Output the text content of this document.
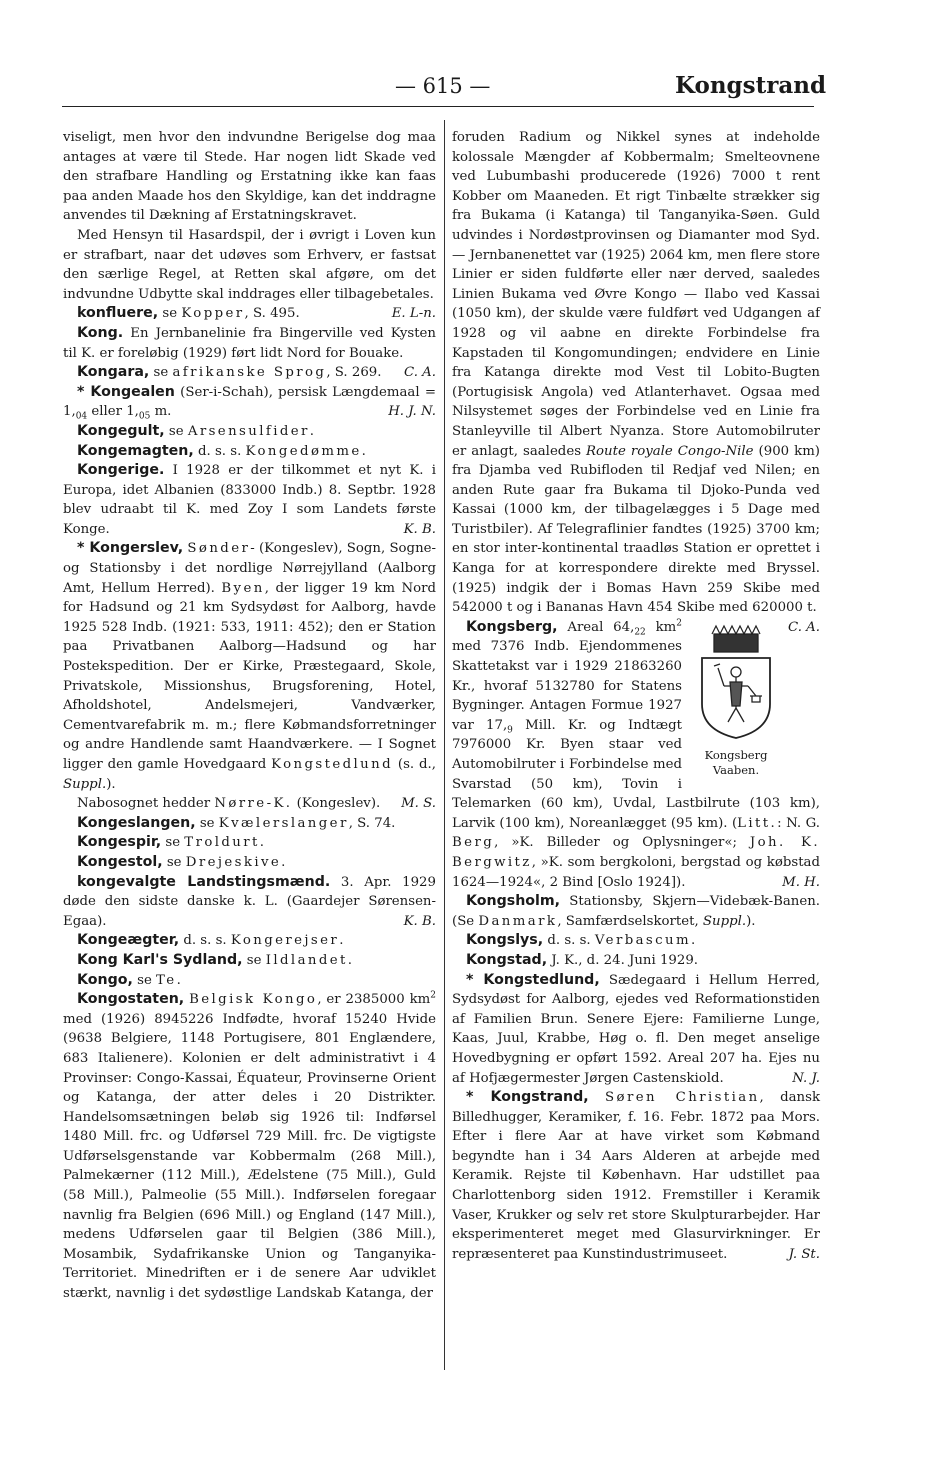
— 615 —	Kongstrand

viseligt, men hvor den indvundne Berigelse dog maa antages at være til Stede. Har nogen lidt Skade ved den strafbare Handling og Erstatning ikke kan faas paa anden Maade hos den Skyldige, kan det inddragne anvendes til Dækning af Erstatningskravet.

Med Hensyn til Hasardspil, der i øvrigt i Loven kun er strafbart, naar det udøves som Erhverv, er fastsat den særlige Regel, at Retten skal afgøre, om det indvundne Udbytte skal inddrages eller tilbagebetales.
E. L-n.

konfluere, se Kopper, S. 495.

Kong. En Jernbanelinie fra Bingerville ved Kysten til K. er foreløbig (1929) ført lidt Nord for Bouake.
C. A.

Kongara, se afrikanske Sprog, S. 269.

* Kongealen (Ser-i-Schah), persisk Længdemaal = $1,_{04}$ eller $1,_{05}$ m.	H. J. N.

Kongegult, se Arsensulfider.

Kongemagten, d. s. s. Kongedømme.

Kongerige. I 1928 er der tilkommet et nyt K. i Europa, idet Albanien (833000 Indb.) 8. Septbr. 1928 blev udraabt til K. med Zoy I som Landets første Konge.	K. B.

* Kongerslev, Sønder- (Kongeslev), Sogn, Sogne- og Stationsby i det nordlige Nørrejylland (Aalborg Amt, Hellum Herred). Byen, der ligger 19 km Nord for Hadsund og 21 km Sydsydøst for Aalborg, havde 1925 528 Indb. (1921: 533, 1911: 452); den er Station paa Privatbanen Aalborg—Hadsund og har Postekspedition. Der er Kirke, Præstegaard, Skole, Privatskole, Missionshus, Brugsforening, Hotel, Afholdshotel, Andelsmejeri, Vandværker, Cementvarefabrik m. m.; flere Købmandsforretninger og andre Handlende samt Haandværkere. — I Sognet ligger den gamle Hovedgaard Kongstedlund (s. d., Suppl.).

Nabosognet hedder Nørre-K. (Kongeslev).	M. S.

Kongeslangen, se Kvælerslanger, S. 74.

Kongespir, se Troldurt.

Kongestol, se Drejeskive.

kongevalgte Landstingsmænd. 3. Apr. 1929 døde den sidste danske k. L. (Gaardejer Sørensen-Egaa).	K. B.

Kongeægter, d. s. s. Kongerejser.

Kong Karl's Sydland, se Ildlandet.

Kongo, se Te.

Kongostaten, Belgisk Kongo, er 2385000 $km^2$ med (1926) 8945226 Indfødte, hvoraf 15240 Hvide (9638 Belgiere, 1148 Portugisere, 801 Englændere, 683 Italienere). Kolonien er delt administrativt i 4 Provinser: Congo-Kassai, Équateur, Provinserne Orient og Katanga, der atter deles i 20 Distrikter. Handelsomsætningen beløb sig 1926 til: Indførsel 1480 Mill. frc. og Udførsel 729 Mill. frc. De vigtigste Udførselsgenstande var Kobbermalm (268 Mill.), Palmekærner (112 Mill.), Ædelstene (75 Mill.), Guld (58 Mill.), Palmeolie (55 Mill.). Indførselen foregaar navnlig fra Belgien (696 Mill.) og England (147 Mill.), medens Udførselen gaar til Belgien (386 Mill.), Mosambik, Sydafrikanske Union og Tanganyika-Territoriet. Minedriften er i de senere Aar udviklet stærkt, navnlig i det sydøstlige Landskab Katanga, der

foruden Radium og Nikkel synes at indeholde kolossale Mængder af Kobbermalm; Smelteovnene ved Lubumbashi producerede (1926) 7000 t rent Kobber om Maaneden. Et rigt Tinbælte strækker sig fra Bukama (i Katanga) til Tanganyika-Søen. Guld udvindes i Nordøstprovinsen og Diamanter mod Syd. — Jernbanenettet var (1925) 2064 km, men flere store Linier er siden fuldførte eller nær derved, saaledes Linien Bukama ved Øvre Kongo — Ilabo ved Kassai (1050 km), der skulde være fuldført ved Udgangen af 1928 og vil aabne en direkte Forbindelse fra Kapstaden til Kongomundingen; endvidere en Linie fra Katanga direkte mod Vest til Lobito-Bugten (Portugisisk Angola) ved Atlanterhavet. Ogsaa med Nilsystemet søges der Forbindelse ved en Linie fra Stanleyville til Albert Nyanza. Store Automobilruter er anlagt, saaledes Route royale Congo-Nile (900 km) fra Djamba ved Rubifloden til Redjaf ved Nilen; en anden Rute gaar fra Bukama til Djoko-Punda ved Kassai (1000 km, der tilbagelægges i 5 Dage med Turistbiler). Af Telegraflinier fandtes (1925) 3700 km; en stor inter-kontinental traadløs Station er oprettet i Kanga for at korrespondere direkte med Bryssel. (1925) indgik der i Bomas Havn 259 Skibe med 542000 t og i Bananas Havn 454 Skibe med 620000 t.
C. A.

Kongsberg, Areal $64,_{22}$ $km^2$
Kongsberg
Vaaben.
med 7376 Indb. Ejendommenes Skattetakst var i 1929 21863260 Kr., hvoraf 5132780 for Statens Bygninger. Antagen Formue 1927 var $17,_9$ Mill. Kr. og Indtægt 7976000 Kr. Byen staar ved Automobilruter i Forbindelse med Svarstad (50 km), Tovin i Telemarken (60 km), Uvdal, Lastbilrute (103 km), Larvik (100 km), Noreanlægget (95 km). (Litt.: N. G. Berg, »K. Billeder og Oplysninger«; Joh. K. Bergwitz, »K. som bergkoloni, bergstad og købstad 1624—1924«, 2 Bind [Oslo 1924]).	M. H.

Kongsholm, Stationsby, Skjern—Videbæk-Banen. (Se Danmark, Samfærdselskortet, Suppl.).

Kongslys, d. s. s. Verbascum.

Kongstad, J. K., d. 24. Juni 1929.

* Kongstedlund, Sædegaard i Hellum Herred, Sydsydøst for Aalborg, ejedes ved Reformationstiden af Familien Brun. Senere Ejere: Familierne Lunge, Kaas, Juul, Krabbe, Høg o. fl. Den meget anselige Hovedbygning er opført 1592. Areal 207 ha. Ejes nu af Hofjægermester Jørgen Castenskiold.	N. J.

* Kongstrand, Søren Christian, dansk Billedhugger, Keramiker, f. 16. Febr. 1872 paa Mors. Efter i flere Aar at have virket som Købmand begyndte han i 34 Aars Alderen at arbejde med Keramik. Rejste til København. Har udstillet paa Charlottenborg siden 1912. Fremstiller i Keramik Vaser, Krukker og selv ret store Skulpturarbejder. Har eksperimenteret meget med Glasurvirkninger. Er repræsenteret paa Kunstindustrimuseet.	J. St.
